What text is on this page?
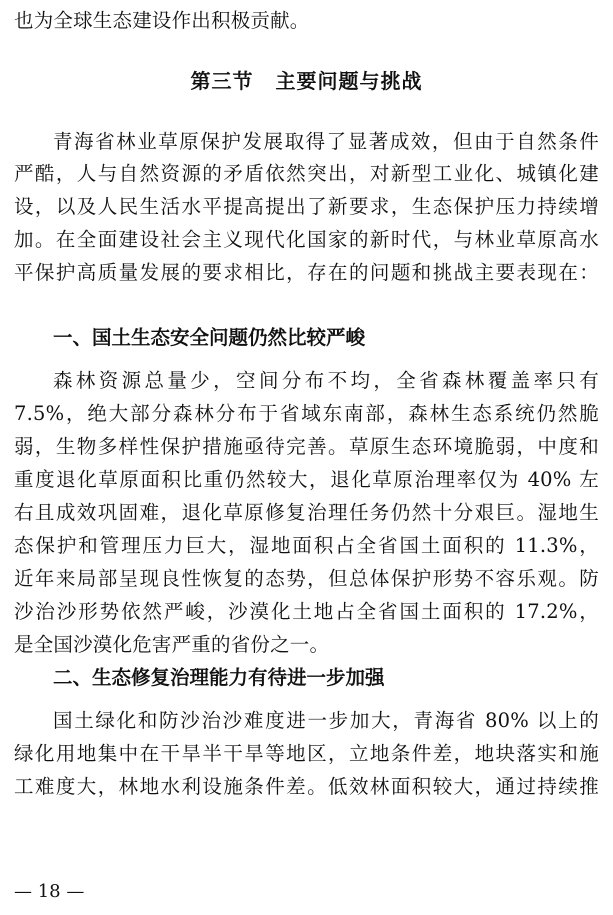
也为全球生态建设作出积极贡献。

第三节 主要问题与挑战

青海省林业草原保护发展取得了显著成效，但由于自然条件

严酷，人与自然资源的矛盾依然突出，对新型工业化、城镇化建

设，以及人民生活水平提高提出了新要求，生态保护压力持续增

加。在全面建设社会主义现代化国家的新时代，与林业草原高水

平保护高质量发展的要求相比，存在的问题和挑战主要表现在：

一、国土生态安全问题仍然比较严峻

森林资源总量少，空间分布不均，全省森林覆盖率只有

7.5%，绝大部分森林分布于省域东南部，森林生态系统仍然脆

弱，生物多样性保护措施亟待完善。草原生态环境脆弱，中度和

重度退化草原面积比重仍然较大，退化草原治理率仅为 40% 左

右且成效巩固难，退化草原修复治理任务仍然十分艰巨。湿地生

态保护和管理压力巨大，湿地面积占全省国土面积的 11.3%，

近年来局部呈现良性恢复的态势，但总体保护形势不容乐观。防

沙治沙形势依然严峻，沙漠化土地占全省国土面积的 17.2%，

是全国沙漠化危害严重的省份之一。

二、生态修复治理能力有待进一步加强

国土绿化和防沙治沙难度进一步加大，青海省 80% 以上的

绿化用地集中在干旱半干旱等地区，立地条件差，地块落实和施

工难度大，林地水利设施条件差。低效林面积较大，通过持续推

— 18 —
